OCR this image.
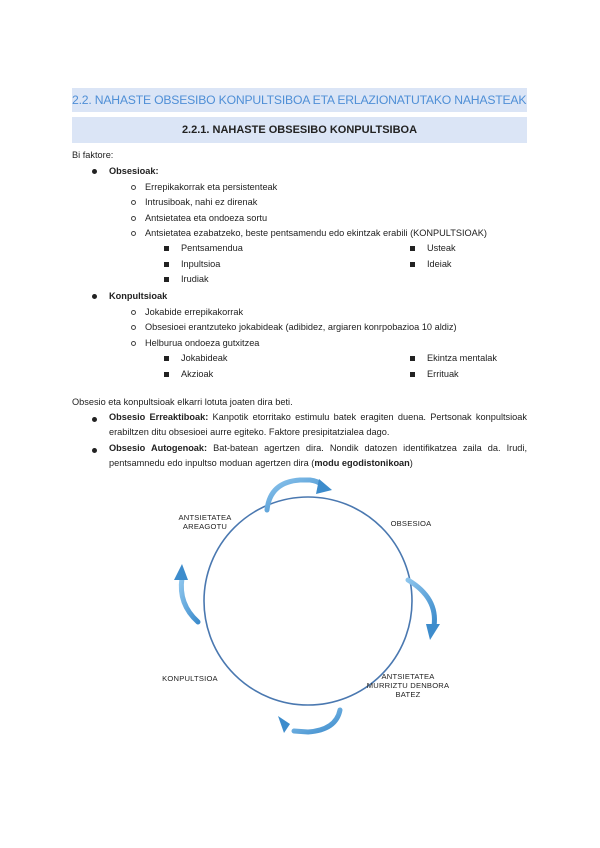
2.2. NAHASTE OBSESIBO KONPULTSIBOA ETA ERLAZIONATUTAKO NAHASTEAK
2.2.1. NAHASTE OBSESIBO KONPULTSIBOA
Bi faktore:
Obsesioak:
Errepikakorrak eta persistenteak
Intrusiboak, nahi ez direnak
Antsietatea eta ondoeza sortu
Antsietatea ezabatzeko, beste pentsamendu edo ekintzak erabili (KONPULTSIOAK)
Pentsamendua
Inpultsioa
Irudiak
Usteak
Ideiak
Konpultsioak
Jokabide errepikakorrak
Obsesioei erantzuteko jokabideak (adibidez, argiaren konrpobazioa 10 aldiz)
Helburua ondoeza gutxitzea
Jokabideak
Akzioak
Ekintza mentalak
Errituak
Obsesio eta konpultsioak elkarri lotuta joaten dira beti.
Obsesio Erreaktiboak: Kanpotik etorritako estimulu batek eragiten duena. Pertsonak konpultsioak erabiltzen ditu obsesioei aurre egiteko. Faktore presipitatzialea dago.
Obsesio Autogenoak: Bat-batean agertzen dira. Nondik datozen identifikatzea zaila da. Irudi, pentsamnedu edo inpultso moduan agertzen dira (modu egodistonikoan)
ANTSIETATEA
AREAGOTU	OBSESIOA
KONPULTSIOA	ANTSIETATEA
MURRIZTU DENBORA
BATEZ
